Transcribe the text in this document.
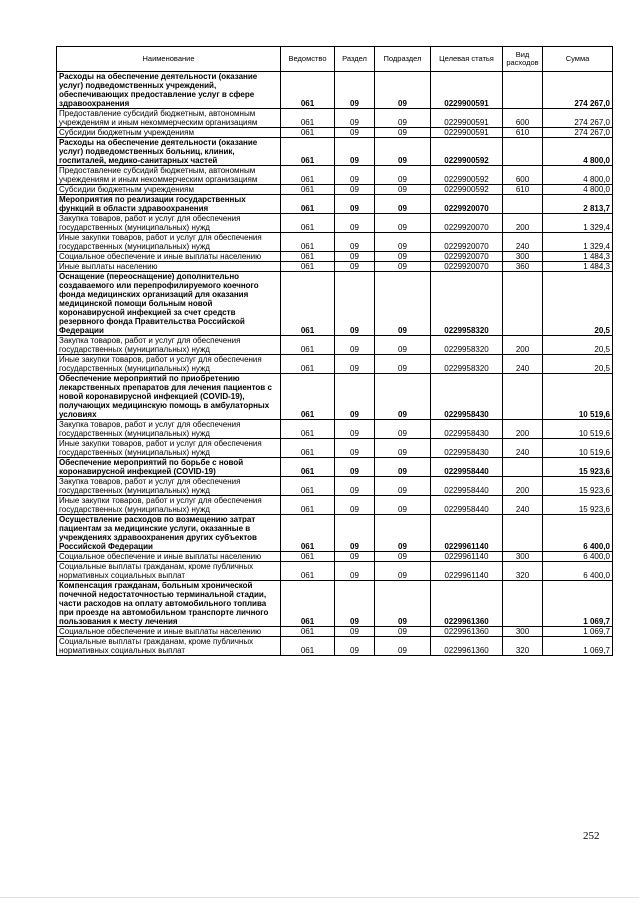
Наименование	Ведомство	Раздел	Подраздел	Целевая статья	Вид расходов	Сумма
Расходы на обеспечение деятельности (оказание услуг) подведомственных учреждений, обеспечивающих предоставление услуг в сфере здравоохранения	061	09	09	0229900591		274 267,0
Предоставление субсидий бюджетным, автономным учреждениям и иным некоммерческим организациям	061	09	09	0229900591	600	274 267,0
Субсидии бюджетным учреждениям	061	09	09	0229900591	610	274 267,0
Расходы на обеспечение деятельности (оказание услуг) подведомственных больниц, клиник, госпиталей, медико-санитарных частей	061	09	09	0229900592		4 800,0
Предоставление субсидий бюджетным, автономным учреждениям и иным некоммерческим организациям	061	09	09	0229900592	600	4 800,0
Субсидии бюджетным учреждениям	061	09	09	0229900592	610	4 800,0
Мероприятия по реализации государственных функций в области здравоохранения	061	09	09	0229920070		2 813,7
Закупка товаров, работ и услуг для обеспечения государственных (муниципальных) нужд	061	09	09	0229920070	200	1 329,4
Иные закупки товаров, работ и услуг для обеспечения государственных (муниципальных) нужд	061	09	09	0229920070	240	1 329,4
Социальное обеспечение и иные выплаты населению	061	09	09	0229920070	300	1 484,3
Иные выплаты населению	061	09	09	0229920070	360	1 484,3
Оснащение (переоснащение) дополнительно создаваемого или перепрофилируемого коечного фонда медицинских организаций для оказания медицинской помощи больным новой коронавирусной инфекцией за счет средств резервного фонда Правительства Российской Федерации	061	09	09	0229958320		20,5
Закупка товаров, работ и услуг для обеспечения государственных (муниципальных) нужд	061	09	09	0229958320	200	20,5
Иные закупки товаров, работ и услуг для обеспечения государственных (муниципальных) нужд	061	09	09	0229958320	240	20,5
Обеспечение мероприятий по приобретению лекарственных препаратов для лечения пациентов с новой коронавирусной инфекцией (COVID-19), получающих медицинскую помощь в амбулаторных условиях	061	09	09	0229958430		10 519,6
Закупка товаров, работ и услуг для обеспечения государственных (муниципальных) нужд	061	09	09	0229958430	200	10 519,6
Иные закупки товаров, работ и услуг для обеспечения государственных (муниципальных) нужд	061	09	09	0229958430	240	10 519,6
Обеспечение мероприятий по борьбе с новой коронавирусной инфекцией (COVID-19)	061	09	09	0229958440		15 923,6
Закупка товаров, работ и услуг для обеспечения государственных (муниципальных) нужд	061	09	09	0229958440	200	15 923,6
Иные закупки товаров, работ и услуг для обеспечения государственных (муниципальных) нужд	061	09	09	0229958440	240	15 923,6
Осуществление расходов по возмещению затрат пациентам за медицинские услуги, оказанные в учреждениях здравоохранения других субъектов Российской Федерации	061	09	09	0229961140		6 400,0
Социальное обеспечение и иные выплаты населению	061	09	09	0229961140	300	6 400,0
Социальные выплаты гражданам, кроме публичных нормативных социальных выплат	061	09	09	0229961140	320	6 400,0
Компенсация гражданам, больным хронической почечной недостаточностью терминальной стадии, части расходов на оплату автомобильного топлива при проезде на автомобильном транспорте личного пользования к месту лечения	061	09	09	0229961360		1 069,7
Социальное обеспечение и иные выплаты населению	061	09	09	0229961360	300	1 069,7
Социальные выплаты гражданам, кроме публичных нормативных социальных выплат	061	09	09	0229961360	320	1 069,7
252
